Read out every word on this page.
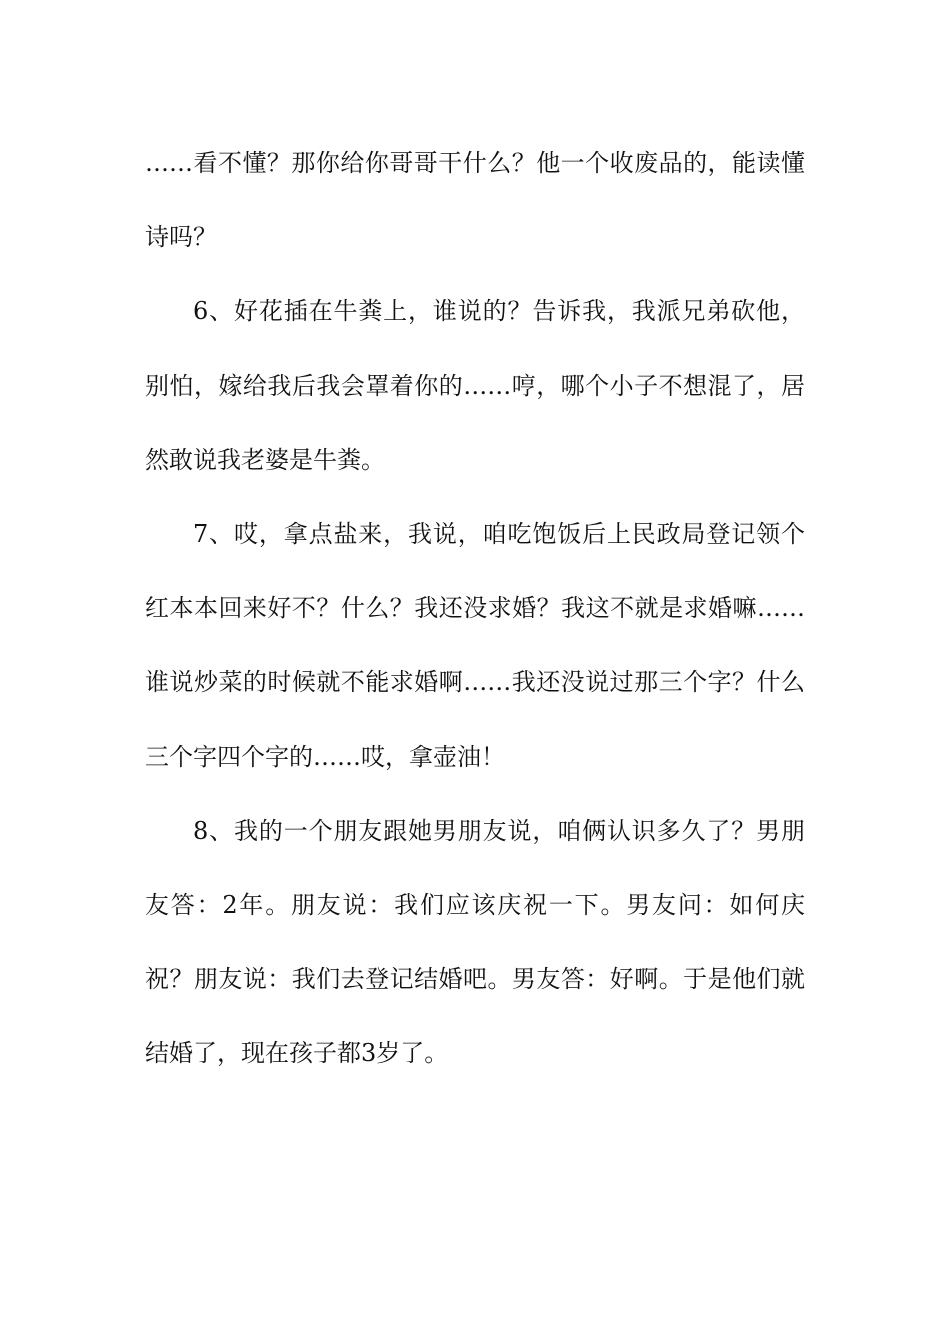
……看不懂？那你给你哥哥干什么？他一个收废品的，能读懂诗吗？

6、好花插在牛粪上，谁说的？告诉我，我派兄弟砍他，别怕，嫁给我后我会罩着你的……哼，哪个小子不想混了，居然敢说我老婆是牛粪。

7、哎，拿点盐来，我说，咱吃饱饭后上民政局登记领个红本本回来好不？什么？我还没求婚？我这不就是求婚嘛……谁说炒菜的时候就不能求婚啊……我还没说过那三个字？什么三个字四个字的……哎，拿壶油！

8、我的一个朋友跟她男朋友说，咱俩认识多久了？男朋友答：2年。朋友说：我们应该庆祝一下。男友问：如何庆祝？朋友说：我们去登记结婚吧。男友答：好啊。于是他们就结婚了，现在孩子都3岁了。
